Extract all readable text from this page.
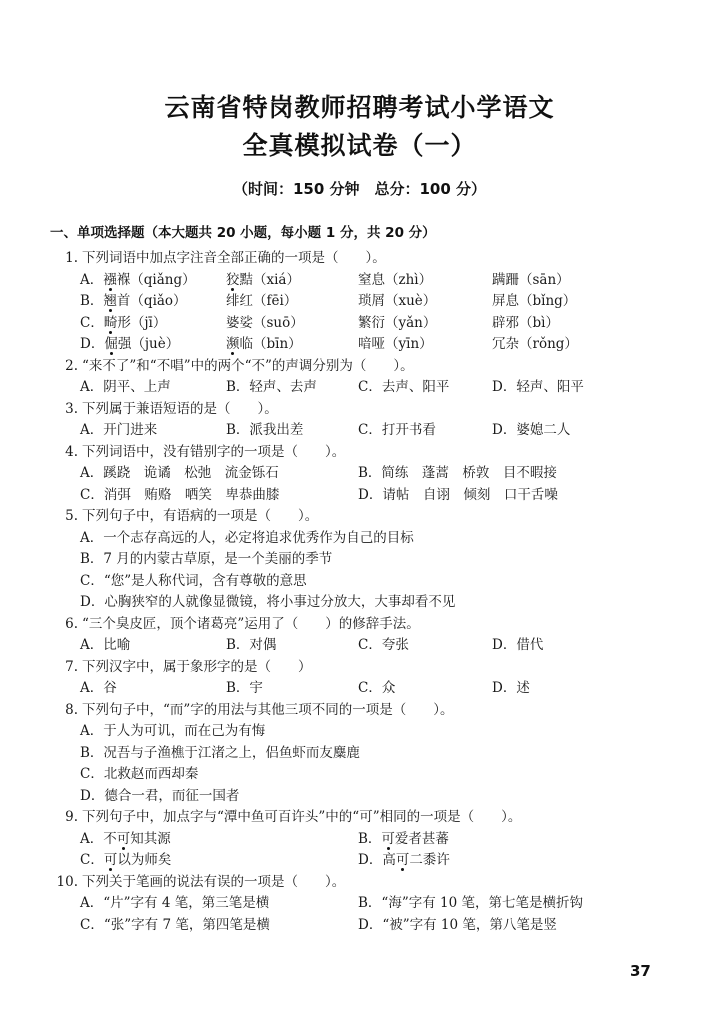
云南省特岗教师招聘考试小学语文
全真模拟试卷（一）
（时间：150 分钟　总分：100 分）
一、单项选择题（本大题共 20 小题，每小题 1 分，共 20 分）
1. 下列词语中加点字注音全部正确的一项是（　　）。
A．襁褓（qiǎng） 狡黠（xiá）	窒息（zhì）	蹒跚（sān）
B．翘首（qiǎo）	绯红（fēi）	琐屑（xuè）	屏息（bǐng）
C．畸形（jī）	婆娑（suō）	繁衍（yǎn）	辟邪（bì）
D．倔强（juè）	濒临（bīn）	喑哑（yīn）	冗杂（rǒng）
2. “来不了”和“不唱”中的两个“不”的声调分别为（　　）。
A．阴平、上声	B．轻声、去声	C．去声、阳平	D．轻声、阳平
3. 下列属于兼语短语的是（　　）。
A．开门进来	B．派我出差	C．打开书看	D．婆媳二人
4. 下列词语中，没有错别字的一项是（　　）。
A．蹊跷　诡谲　松弛　流金铄石	B．简练　蓬蒿　桥敦　目不暇接
C．消弭　贿赂　哂笑　卑恭曲膝	D．请帖　自诩　倾刻　口干舌噪
5. 下列句子中，有语病的一项是（　　）。
A．一个志存高远的人，必定将追求优秀作为自己的目标
B．7 月的内蒙古草原，是一个美丽的季节
C．“您”是人称代词，含有尊敬的意思
D．心胸狭窄的人就像显微镜，将小事过分放大，大事却看不见
6. “三个臭皮匠，顶个诸葛亮”运用了（　　）的修辞手法。
A．比喻	B．对偶	C．夸张	D．借代
7. 下列汉字中，属于象形字的是（　　）
A．谷	B．宇	C．众	D．述
8. 下列句子中，“而”字的用法与其他三项不同的一项是（　　）。
A．于人为可讥，而在己为有悔
B．况吾与子渔樵于江渚之上，侣鱼虾而友麋鹿
C．北救赵而西却秦
D．德合一君，而征一国者
9. 下列句子中，加点字与“潭中鱼可百许头”中的“可”相同的一项是（　　）。
A．不可知其源	B．可爱者甚蕃
C．可以为师矣	D．高可二黍许
10. 下列关于笔画的说法有误的一项是（　　）。
A．“片”字有 4 笔，第三笔是横	B．“海”字有 10 笔，第七笔是横折钩
C．“张”字有 7 笔，第四笔是横	D．“被”字有 10 笔，第八笔是竖
37
